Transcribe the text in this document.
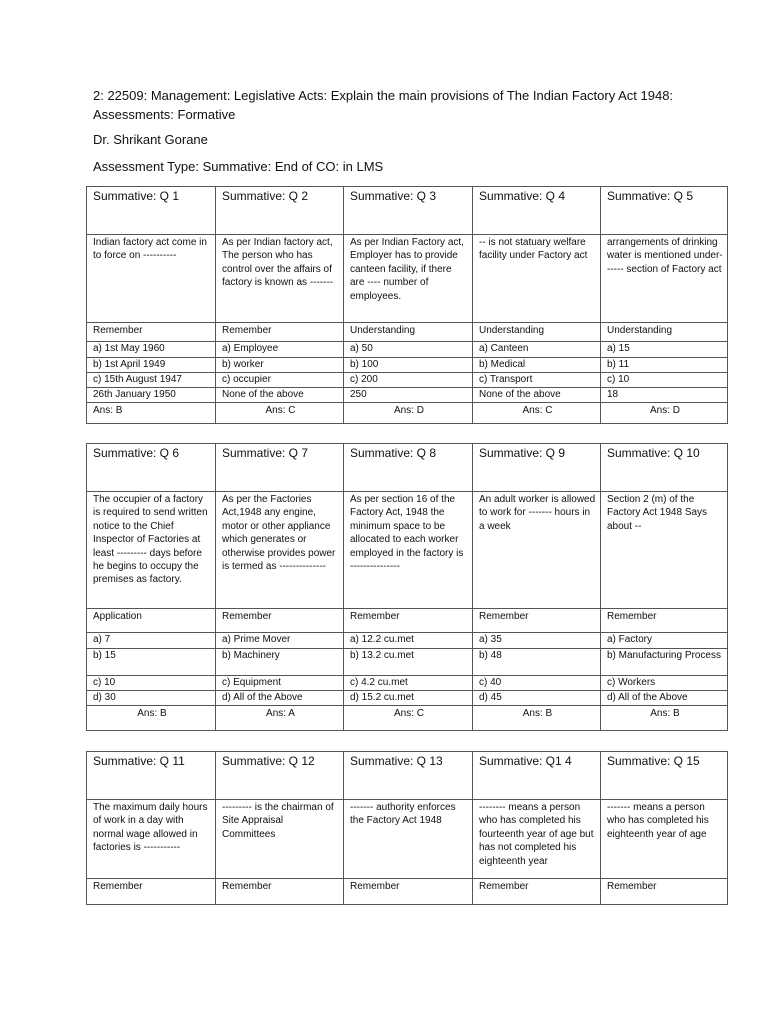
2: 22509: Management: Legislative Acts: Explain the main provisions of The Indian Factory Act 1948: Assessments: Formative
Dr. Shrikant Gorane
Assessment Type: Summative: End of CO: in LMS
Summative: Q 1	Summative: Q 2	Summative: Q 3	Summative: Q 4	Summative: Q 5
Indian factory act come in to force on ----------	As per Indian factory act, The person who has control over the affairs of factory is known as -------	As per Indian Factory act, Employer has to provide canteen facility, if there are ---- number of employees.	-- is not statuary welfare facility under Factory act	arrangements of drinking water is mentioned under------ section of Factory act
Remember	Remember	Understanding	Understanding	Understanding
a) 1st May 1960	a) Employee	a) 50	a) Canteen	a) 15
b) 1st April 1949	b) worker	b) 100	b) Medical	b) 11
c) 15th August 1947	c) occupier	c) 200	c) Transport	c) 10
26th January 1950	None of the above	250	None of the above	18
Ans: B	Ans: C	Ans: D	Ans: C	Ans: D
Summative: Q 6	Summative: Q 7	Summative: Q 8	Summative: Q 9	Summative: Q 10
The occupier of a factory is required to send written notice to the Chief Inspector of Factories at least --------- days before he begins to occupy the premises as factory.	As per the Factories Act,1948 any engine, motor or other appliance which generates or otherwise provides power is termed as --------------	As per section 16 of the Factory Act, 1948 the minimum space to be allocated to each worker employed in the factory is ---------------	An adult worker is allowed to work for ------- hours in a week	Section 2 (m) of the Factory Act 1948 Says about --
Application	Remember	Remember	Remember	Remember
a) 7	a) Prime Mover	a) 12.2 cu.met	a) 35	a) Factory
b) 15	b) Machinery	b) 13.2 cu.met	b) 48	b) Manufacturing Process
c) 10	c) Equipment	c) 4.2 cu.met	c) 40	c) Workers
d) 30	d) All of the Above	d) 15.2 cu.met	d) 45	d) All of the Above
Ans: B	Ans: A	Ans: C	Ans: B	Ans: B
Summative: Q 11	Summative: Q 12	Summative: Q 13	Summative: Q1 4	Summative: Q 15
The maximum daily hours of work in a day with normal wage allowed in factories is -----------	--------- is the chairman of Site Appraisal Committees	------- authority enforces the Factory Act 1948	-------- means a person who has completed his fourteenth year of age but has not completed his eighteenth year	------- means a person who has completed his eighteenth year of age
Remember	Remember	Remember	Remember	Remember
